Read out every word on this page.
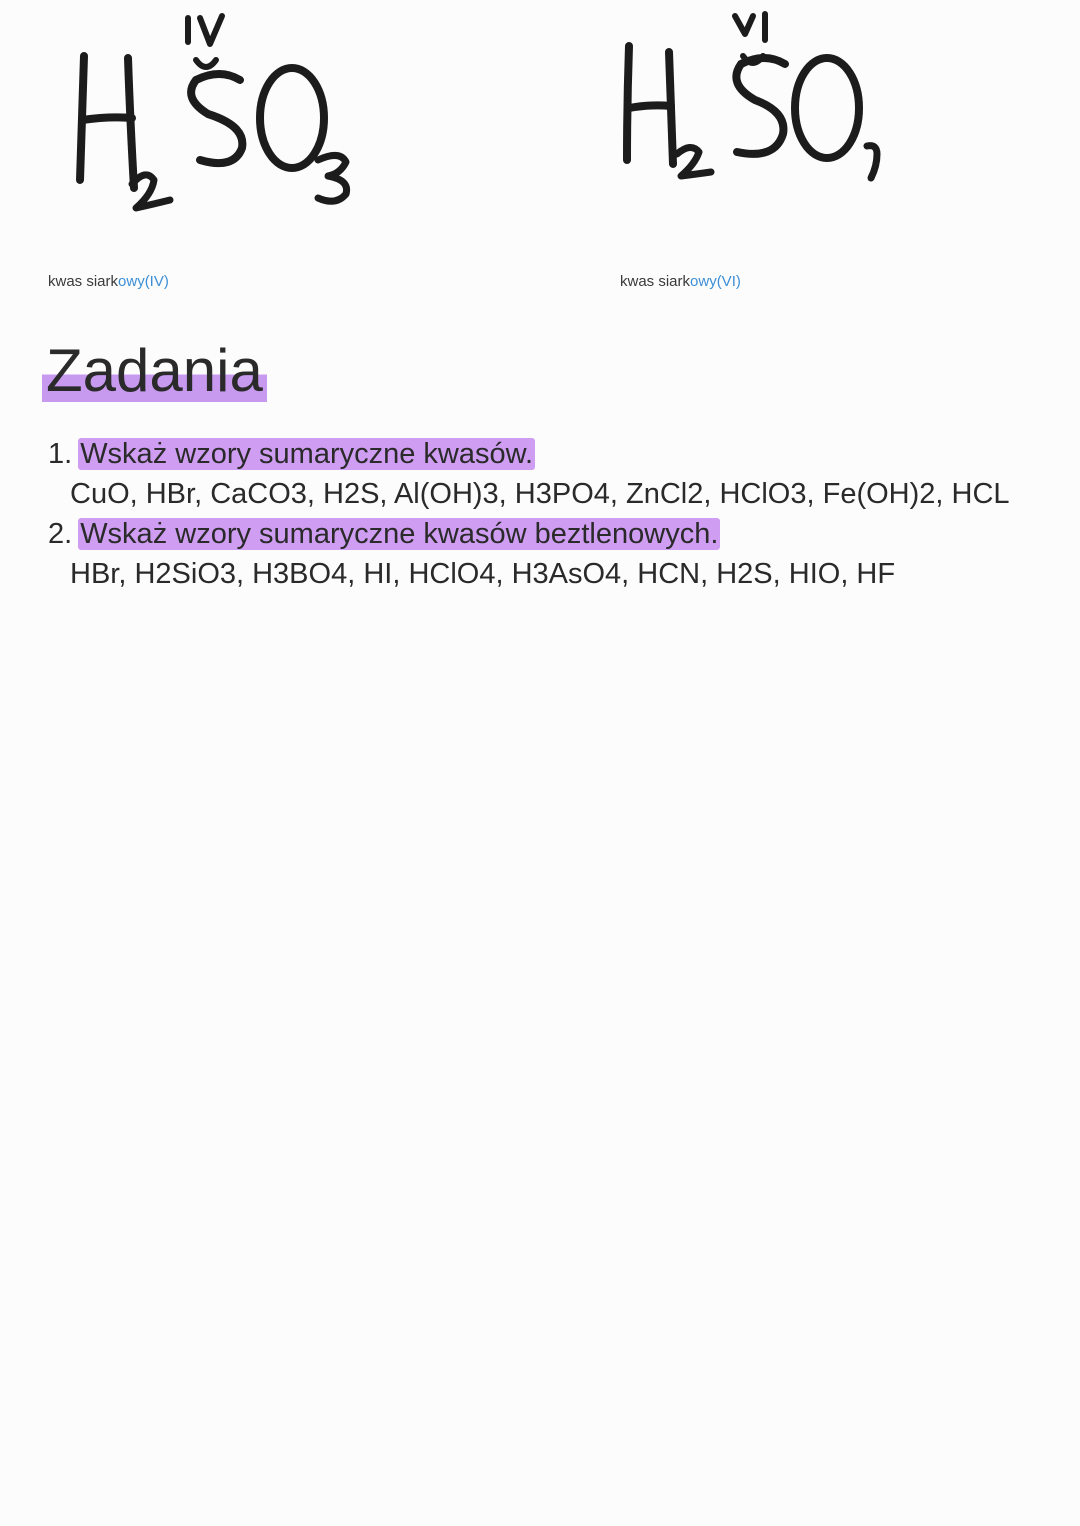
kwas siarkowy(IV)	kwas siarkowy(VI)
Zadania
1. Wskaż wzory sumaryczne kwasów.
CuO, HBr, CaCO3, H2S, Al(OH)3, H3PO4, ZnCl2, HClO3, Fe(OH)2, HCL
2. Wskaż wzory sumaryczne kwasów beztlenowych.
HBr, H2SiO3, H3BO4, HI, HClO4, H3AsO4, HCN, H2S, HIO, HF
